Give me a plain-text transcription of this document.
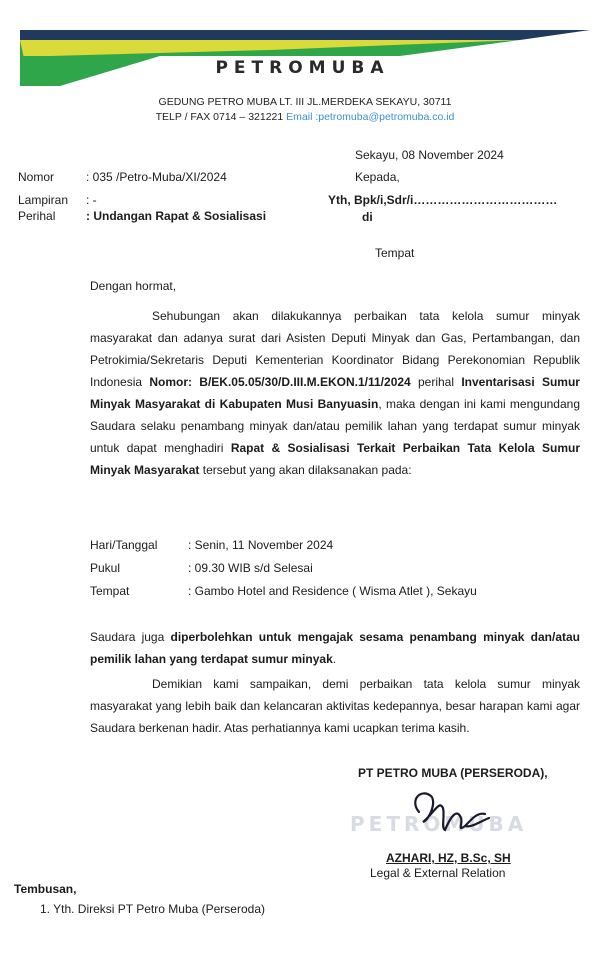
PETROMUBA
GEDUNG PETRO MUBA LT. III JL.MERDEKA SEKAYU, 30711
TELP / FAX 0714 – 321221 Email :petromuba@petromuba.co.id
Sekayu, 08 November 2024
Nomor	: 035 /Petro-Muba/XI/2024
Lampiran : -
Perihal	: Undangan Rapat & Sosialisasi
Kepada,
Yth, Bpk/i,Sdr/i………………………………
di
Tempat
Dengan hormat,
Sehubungan akan dilakukannya perbaikan tata kelola sumur minyak masyarakat dan adanya surat dari Asisten Deputi Minyak dan Gas, Pertambangan, dan Petrokimia/Sekretaris Deputi Kementerian Koordinator Bidang Perekonomian Republik Indonesia Nomor: B/EK.05.05/30/D.III.M.EKON.1/11/2024 perihal Inventarisasi Sumur Minyak Masyarakat di Kabupaten Musi Banyuasin, maka dengan ini kami mengundang Saudara selaku penambang minyak dan/atau pemilik lahan yang terdapat sumur minyak untuk dapat menghadiri Rapat & Sosialisasi Terkait Perbaikan Tata Kelola Sumur Minyak Masyarakat tersebut yang akan dilaksanakan pada:
Hari/Tanggal	: Senin, 11 November 2024
Pukul	: 09.30 WIB s/d Selesai
Tempat	: Gambo Hotel and Residence ( Wisma Atlet ), Sekayu
Saudara juga diperbolehkan untuk mengajak sesama penambang minyak dan/atau pemilik lahan yang terdapat sumur minyak.
Demikian kami sampaikan, demi perbaikan tata kelola sumur minyak masyarakat yang lebih baik dan kelancaran aktivitas kedepannya, besar harapan kami agar Saudara berkenan hadir. Atas perhatiannya kami ucapkan terima kasih.
PT PETRO MUBA (PERSERODA),
PETROMUBA
AZHARI, HZ, B.Sc, SH
Legal & External Relation
Tembusan,
1. Yth. Direksi PT Petro Muba (Perseroda)
